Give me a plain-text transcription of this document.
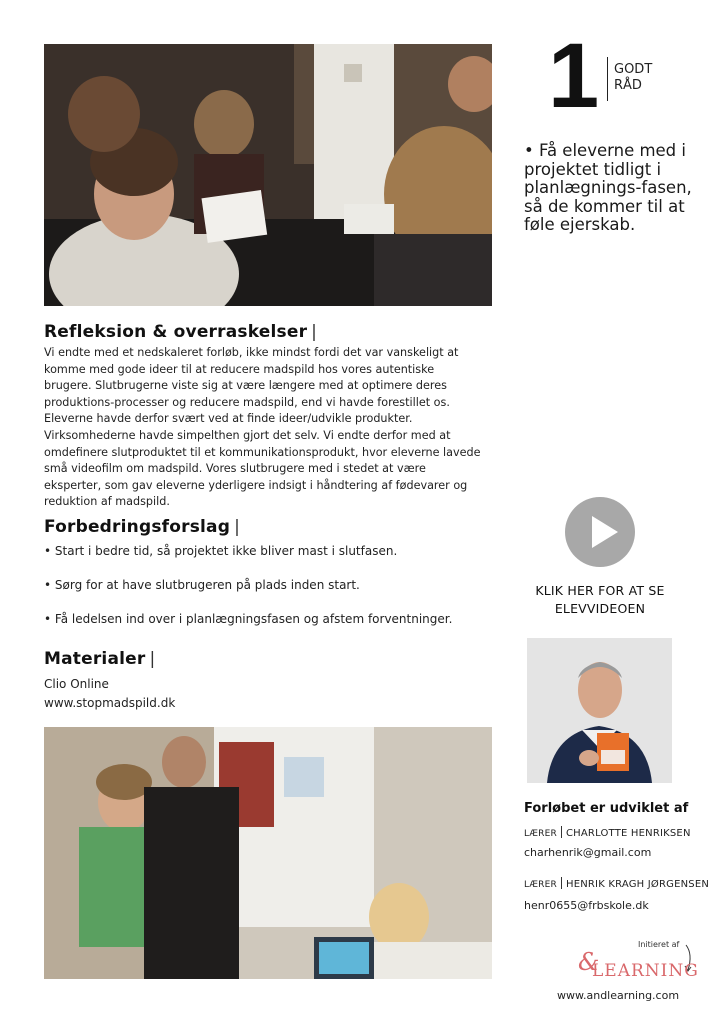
1 GODT
RÅD
• Få eleverne med i projektet tidligt i planlægnings-fasen, så de kommer til at føle ejerskab.
Refleksion & overraskelser |
Vi endte med et nedskaleret forløb, ikke mindst fordi det var vanskeligt at komme med gode ideer til at reducere madspild hos vores autentiske brugere. Slutbrugerne viste sig at være længere med at optimere deres produktions-processer og reducere madspild, end vi havde forestillet os. Eleverne havde derfor svært ved at finde ideer/udvikle produkter. Virksomhederne havde simpelthen gjort det selv. Vi endte derfor med at omdefinere slutproduktet til et kommunikationsprodukt, hvor eleverne lavede små videofilm om madspild. Vores slutbrugere med i stedet at være eksperter, som gav eleverne yderligere indsigt i håndtering af fødevarer og reduktion af madspild.
Forbedringsforslag |
• Start i bedre tid, så projektet ikke bliver mast i slutfasen.
• Sørg for at have slutbrugeren på plads inden start.
• Få ledelsen ind over i planlægningsfasen og afstem forventninger.
Materialer |
Clio Online
www.stopmadspild.dk
KLIK HER FOR AT SE
ELEVVIDEOEN
Forløbet er udviklet af
LÆRER CHARLOTTE HENRIKSEN
charhenrik@gmail.com
LÆRER HENRIK KRAGH JØRGENSEN
henr0655@frbskole.dk
Initieret af
&
LEARNING
www.andlearning.com
